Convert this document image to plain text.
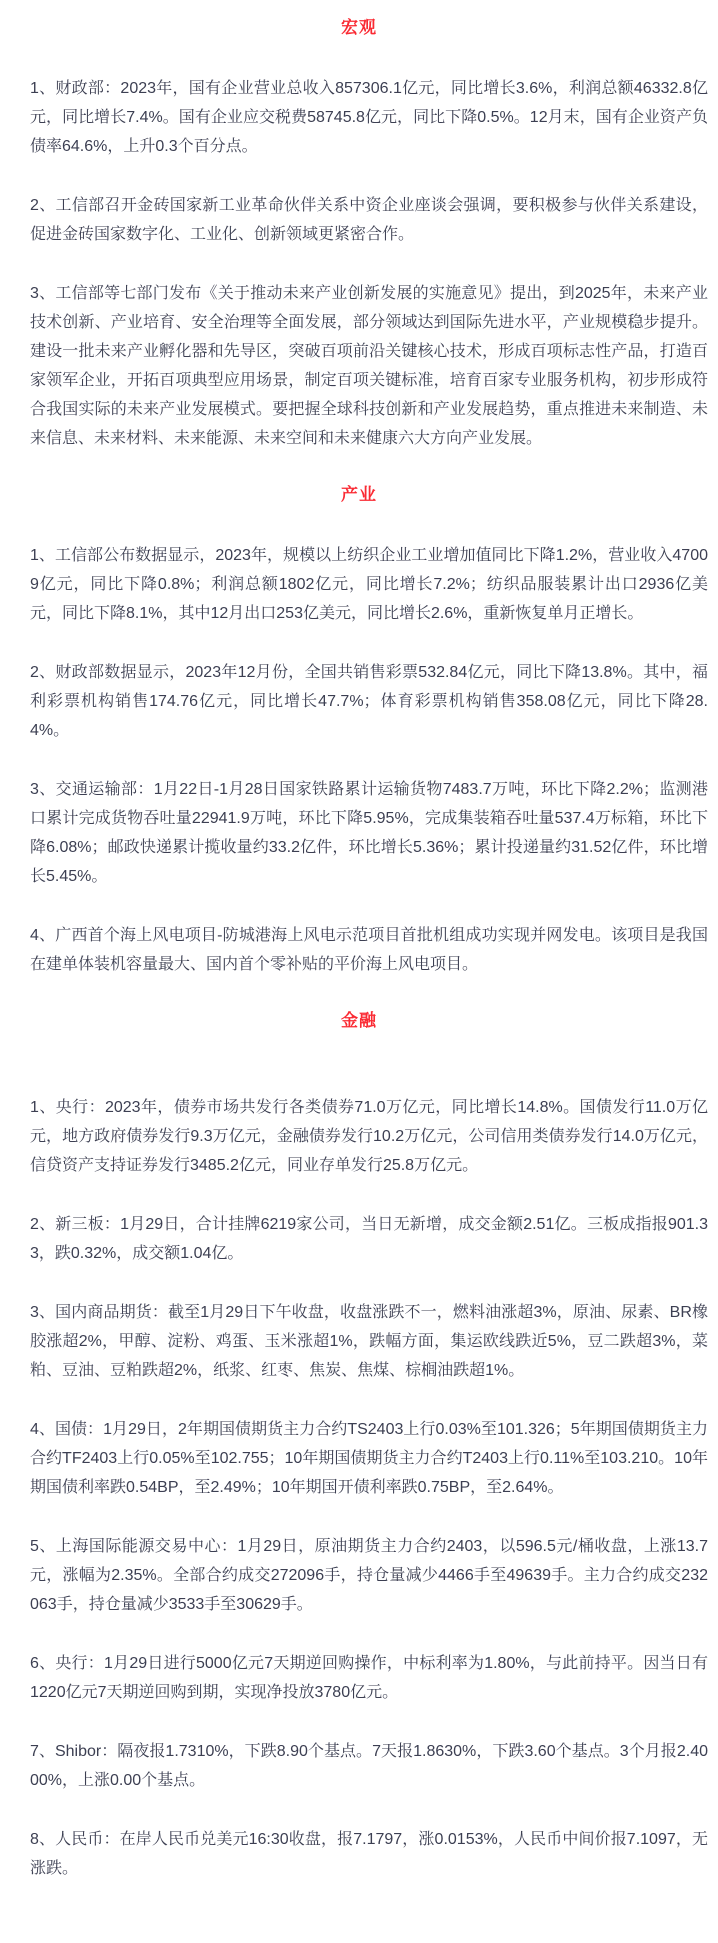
宏观

1、财政部：2023年，国有企业营业总收入857306.1亿元，同比增长3.6%，利润总额46332.8亿元，同比增长7.4%。国有企业应交税费58745.8亿元，同比下降0.5%。12月末，国有企业资产负债率64.6%，上升0.3个百分点。

2、工信部召开金砖国家新工业革命伙伴关系中资企业座谈会强调，要积极参与伙伴关系建设，促进金砖国家数字化、工业化、创新领域更紧密合作。

3、工信部等七部门发布《关于推动未来产业创新发展的实施意见》提出，到2025年，未来产业技术创新、产业培育、安全治理等全面发展，部分领域达到国际先进水平，产业规模稳步提升。建设一批未来产业孵化器和先导区，突破百项前沿关键核心技术，形成百项标志性产品，打造百家领军企业，开拓百项典型应用场景，制定百项关键标准，培育百家专业服务机构，初步形成符合我国实际的未来产业发展模式。要把握全球科技创新和产业发展趋势，重点推进未来制造、未来信息、未来材料、未来能源、未来空间和未来健康六大方向产业发展。

产业

1、工信部公布数据显示，2023年，规模以上纺织企业工业增加值同比下降1.2%，营业收入47009亿元，同比下降0.8%；利润总额1802亿元，同比增长7.2%；纺织品服装累计出口2936亿美元，同比下降8.1%，其中12月出口253亿美元，同比增长2.6%，重新恢复单月正增长。

2、财政部数据显示，2023年12月份，全国共销售彩票532.84亿元，同比下降13.8%。其中，福利彩票机构销售174.76亿元，同比增长47.7%；体育彩票机构销售358.08亿元，同比下降28.4%。

3、交通运输部：1月22日-1月28日国家铁路累计运输货物7483.7万吨，环比下降2.2%；监测港口累计完成货物吞吐量22941.9万吨，环比下降5.95%，完成集装箱吞吐量537.4万标箱，环比下降6.08%；邮政快递累计揽收量约33.2亿件，环比增长5.36%；累计投递量约31.52亿件，环比增长5.45%。

4、广西首个海上风电项目-防城港海上风电示范项目首批机组成功实现并网发电。该项目是我国在建单体装机容量最大、国内首个零补贴的平价海上风电项目。

金融

1、央行：2023年，债券市场共发行各类债券71.0万亿元，同比增长14.8%。国债发行11.0万亿元，地方政府债券发行9.3万亿元，金融债券发行10.2万亿元，公司信用类债券发行14.0万亿元，信贷资产支持证券发行3485.2亿元，同业存单发行25.8万亿元。

2、新三板：1月29日，合计挂牌6219家公司，当日无新增，成交金额2.51亿。三板成指报901.33，跌0.32%，成交额1.04亿。

3、国内商品期货：截至1月29日下午收盘，收盘涨跌不一，燃料油涨超3%，原油、尿素、BR橡胶涨超2%，甲醇、淀粉、鸡蛋、玉米涨超1%，跌幅方面，集运欧线跌近5%，豆二跌超3%，菜粕、豆油、豆粕跌超2%，纸浆、红枣、焦炭、焦煤、棕榈油跌超1%。

4、国债：1月29日，2年期国债期货主力合约TS2403上行0.03%至101.326；5年期国债期货主力合约TF2403上行0.05%至102.755；10年期国债期货主力合约T2403上行0.11%至103.210。10年期国债利率跌0.54BP，至2.49%；10年期国开债利率跌0.75BP，至2.64%。

5、上海国际能源交易中心：1月29日，原油期货主力合约2403，以596.5元/桶收盘，上涨13.7元，涨幅为2.35%。全部合约成交272096手，持仓量减少4466手至49639手。主力合约成交232063手，持仓量减少3533手至30629手。

6、央行：1月29日进行5000亿元7天期逆回购操作，中标利率为1.80%，与此前持平。因当日有1220亿元7天期逆回购到期，实现净投放3780亿元。

7、Shibor：隔夜报1.7310%，下跌8.90个基点。7天报1.8630%，下跌3.60个基点。3个月报2.4000%，上涨0.00个基点。

8、人民币：在岸人民币兑美元16:30收盘，报7.1797，涨0.0153%，人民币中间价报7.1097，无涨跌。
